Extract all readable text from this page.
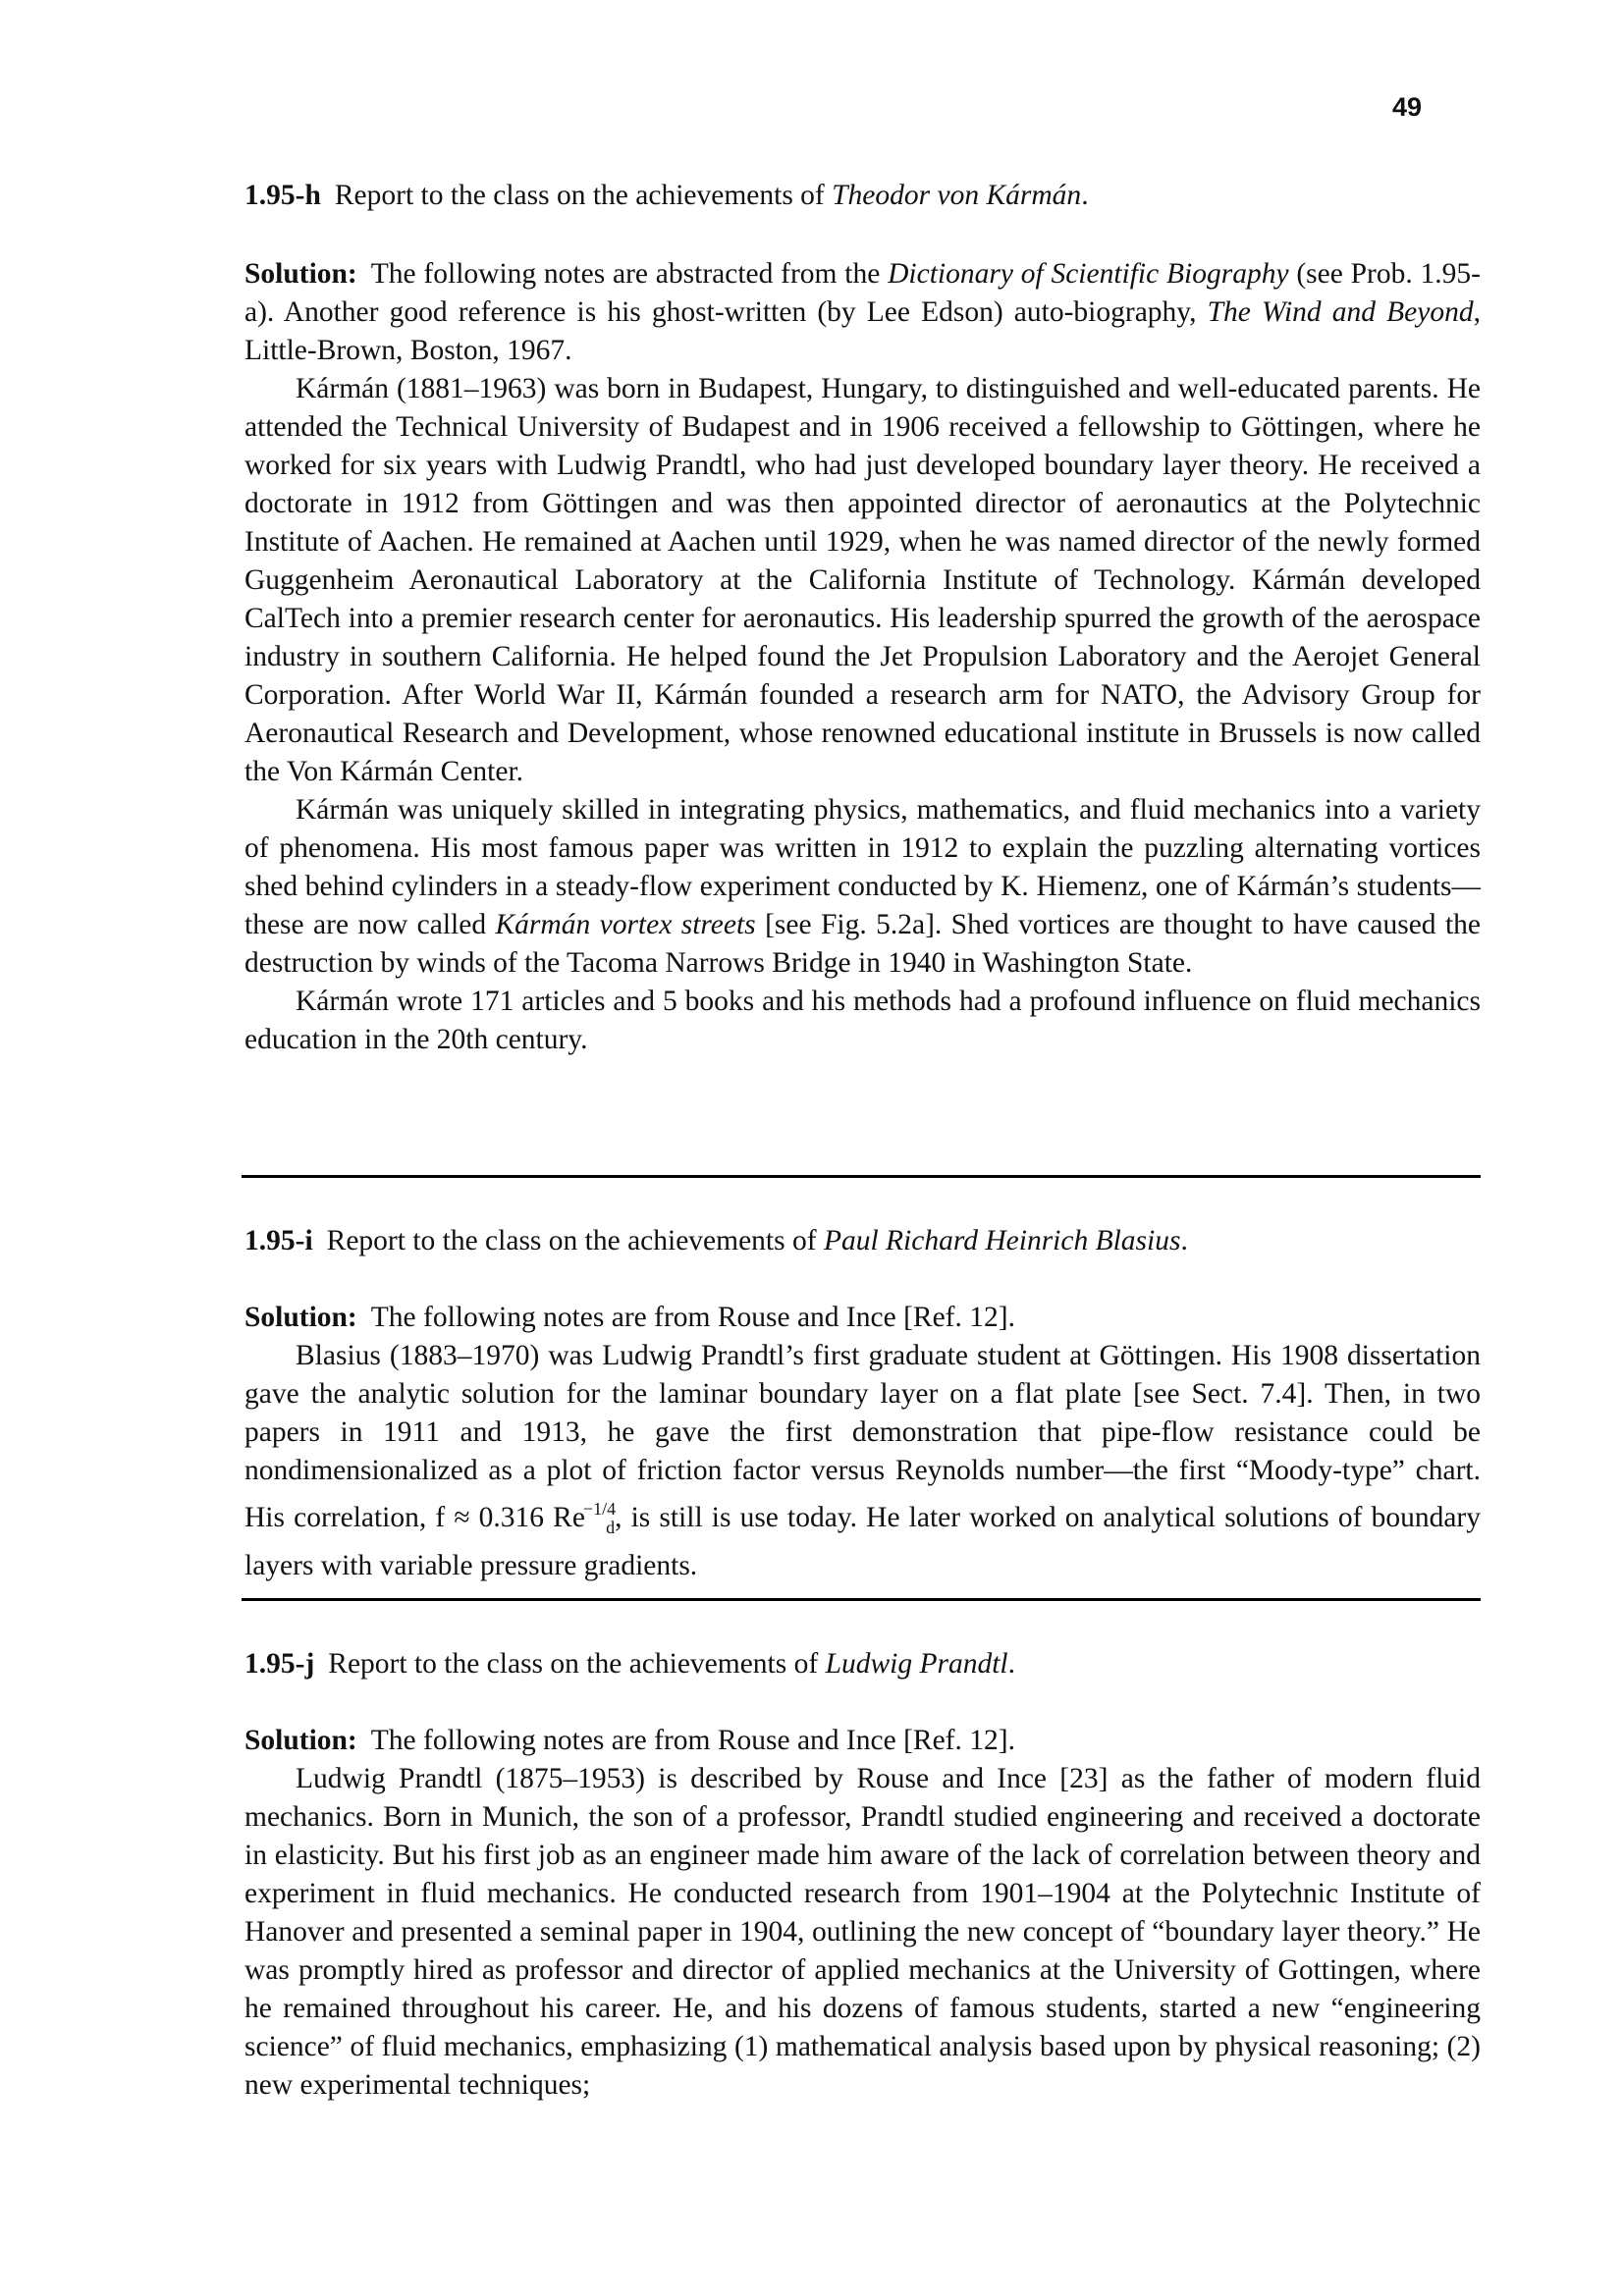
49
1.95-h Report to the class on the achievements of Theodor von Kármán.

Solution: The following notes are abstracted from the Dictionary of Scientific Biography (see Prob. 1.95-a). Another good reference is his ghost-written (by Lee Edson) auto-biography, The Wind and Beyond, Little-Brown, Boston, 1967.

Kármán (1881–1963) was born in Budapest, Hungary, to distinguished and well-educated parents. He attended the Technical University of Budapest and in 1906 received a fellowship to Göttingen, where he worked for six years with Ludwig Prandtl, who had just developed boundary layer theory. He received a doctorate in 1912 from Göttingen and was then appointed director of aeronautics at the Polytechnic Institute of Aachen. He remained at Aachen until 1929, when he was named director of the newly formed Guggenheim Aeronautical Laboratory at the California Institute of Technology. Kármán developed CalTech into a premier research center for aeronautics. His leadership spurred the growth of the aerospace industry in southern California. He helped found the Jet Propulsion Laboratory and the Aerojet General Corporation. After World War II, Kármán founded a research arm for NATO, the Advisory Group for Aeronautical Research and Development, whose renowned educational institute in Brussels is now called the Von Kármán Center.

Kármán was uniquely skilled in integrating physics, mathematics, and fluid mechanics into a variety of phenomena. His most famous paper was written in 1912 to explain the puzzling alternating vortices shed behind cylinders in a steady-flow experiment conducted by K. Hiemenz, one of Kármán’s students—these are now called Kármán vortex streets [see Fig. 5.2a]. Shed vortices are thought to have caused the destruction by winds of the Tacoma Narrows Bridge in 1940 in Washington State.

Kármán wrote 171 articles and 5 books and his methods had a profound influence on fluid mechanics education in the 20th century.

1.95-i Report to the class on the achievements of Paul Richard Heinrich Blasius.

Solution: The following notes are from Rouse and Ince [Ref. 12].

Blasius (1883–1970) was Ludwig Prandtl’s first graduate student at Göttingen. His 1908 dissertation gave the analytic solution for the laminar boundary layer on a flat plate [see Sect. 7.4]. Then, in two papers in 1911 and 1913, he gave the first demonstration that pipe-flow resistance could be nondimensionalized as a plot of friction factor versus Reynolds number—the first “Moody-type” chart. His correlation, f ≈ 0.316 $Re^{-1/4}_d$, is still is use today. He later worked on analytical solutions of boundary layers with variable pressure gradients.

1.95-j Report to the class on the achievements of Ludwig Prandtl.

Solution: The following notes are from Rouse and Ince [Ref. 12].

Ludwig Prandtl (1875–1953) is described by Rouse and Ince [23] as the father of modern fluid mechanics. Born in Munich, the son of a professor, Prandtl studied engineering and received a doctorate in elasticity. But his first job as an engineer made him aware of the lack of correlation between theory and experiment in fluid mechanics. He conducted research from 1901–1904 at the Polytechnic Institute of Hanover and presented a seminal paper in 1904, outlining the new concept of “boundary layer theory.” He was promptly hired as professor and director of applied mechanics at the University of Gottingen, where he remained throughout his career. He, and his dozens of famous students, started a new “engineering science” of fluid mechanics, emphasizing (1) mathematical analysis based upon by physical reasoning; (2) new experimental techniques;
